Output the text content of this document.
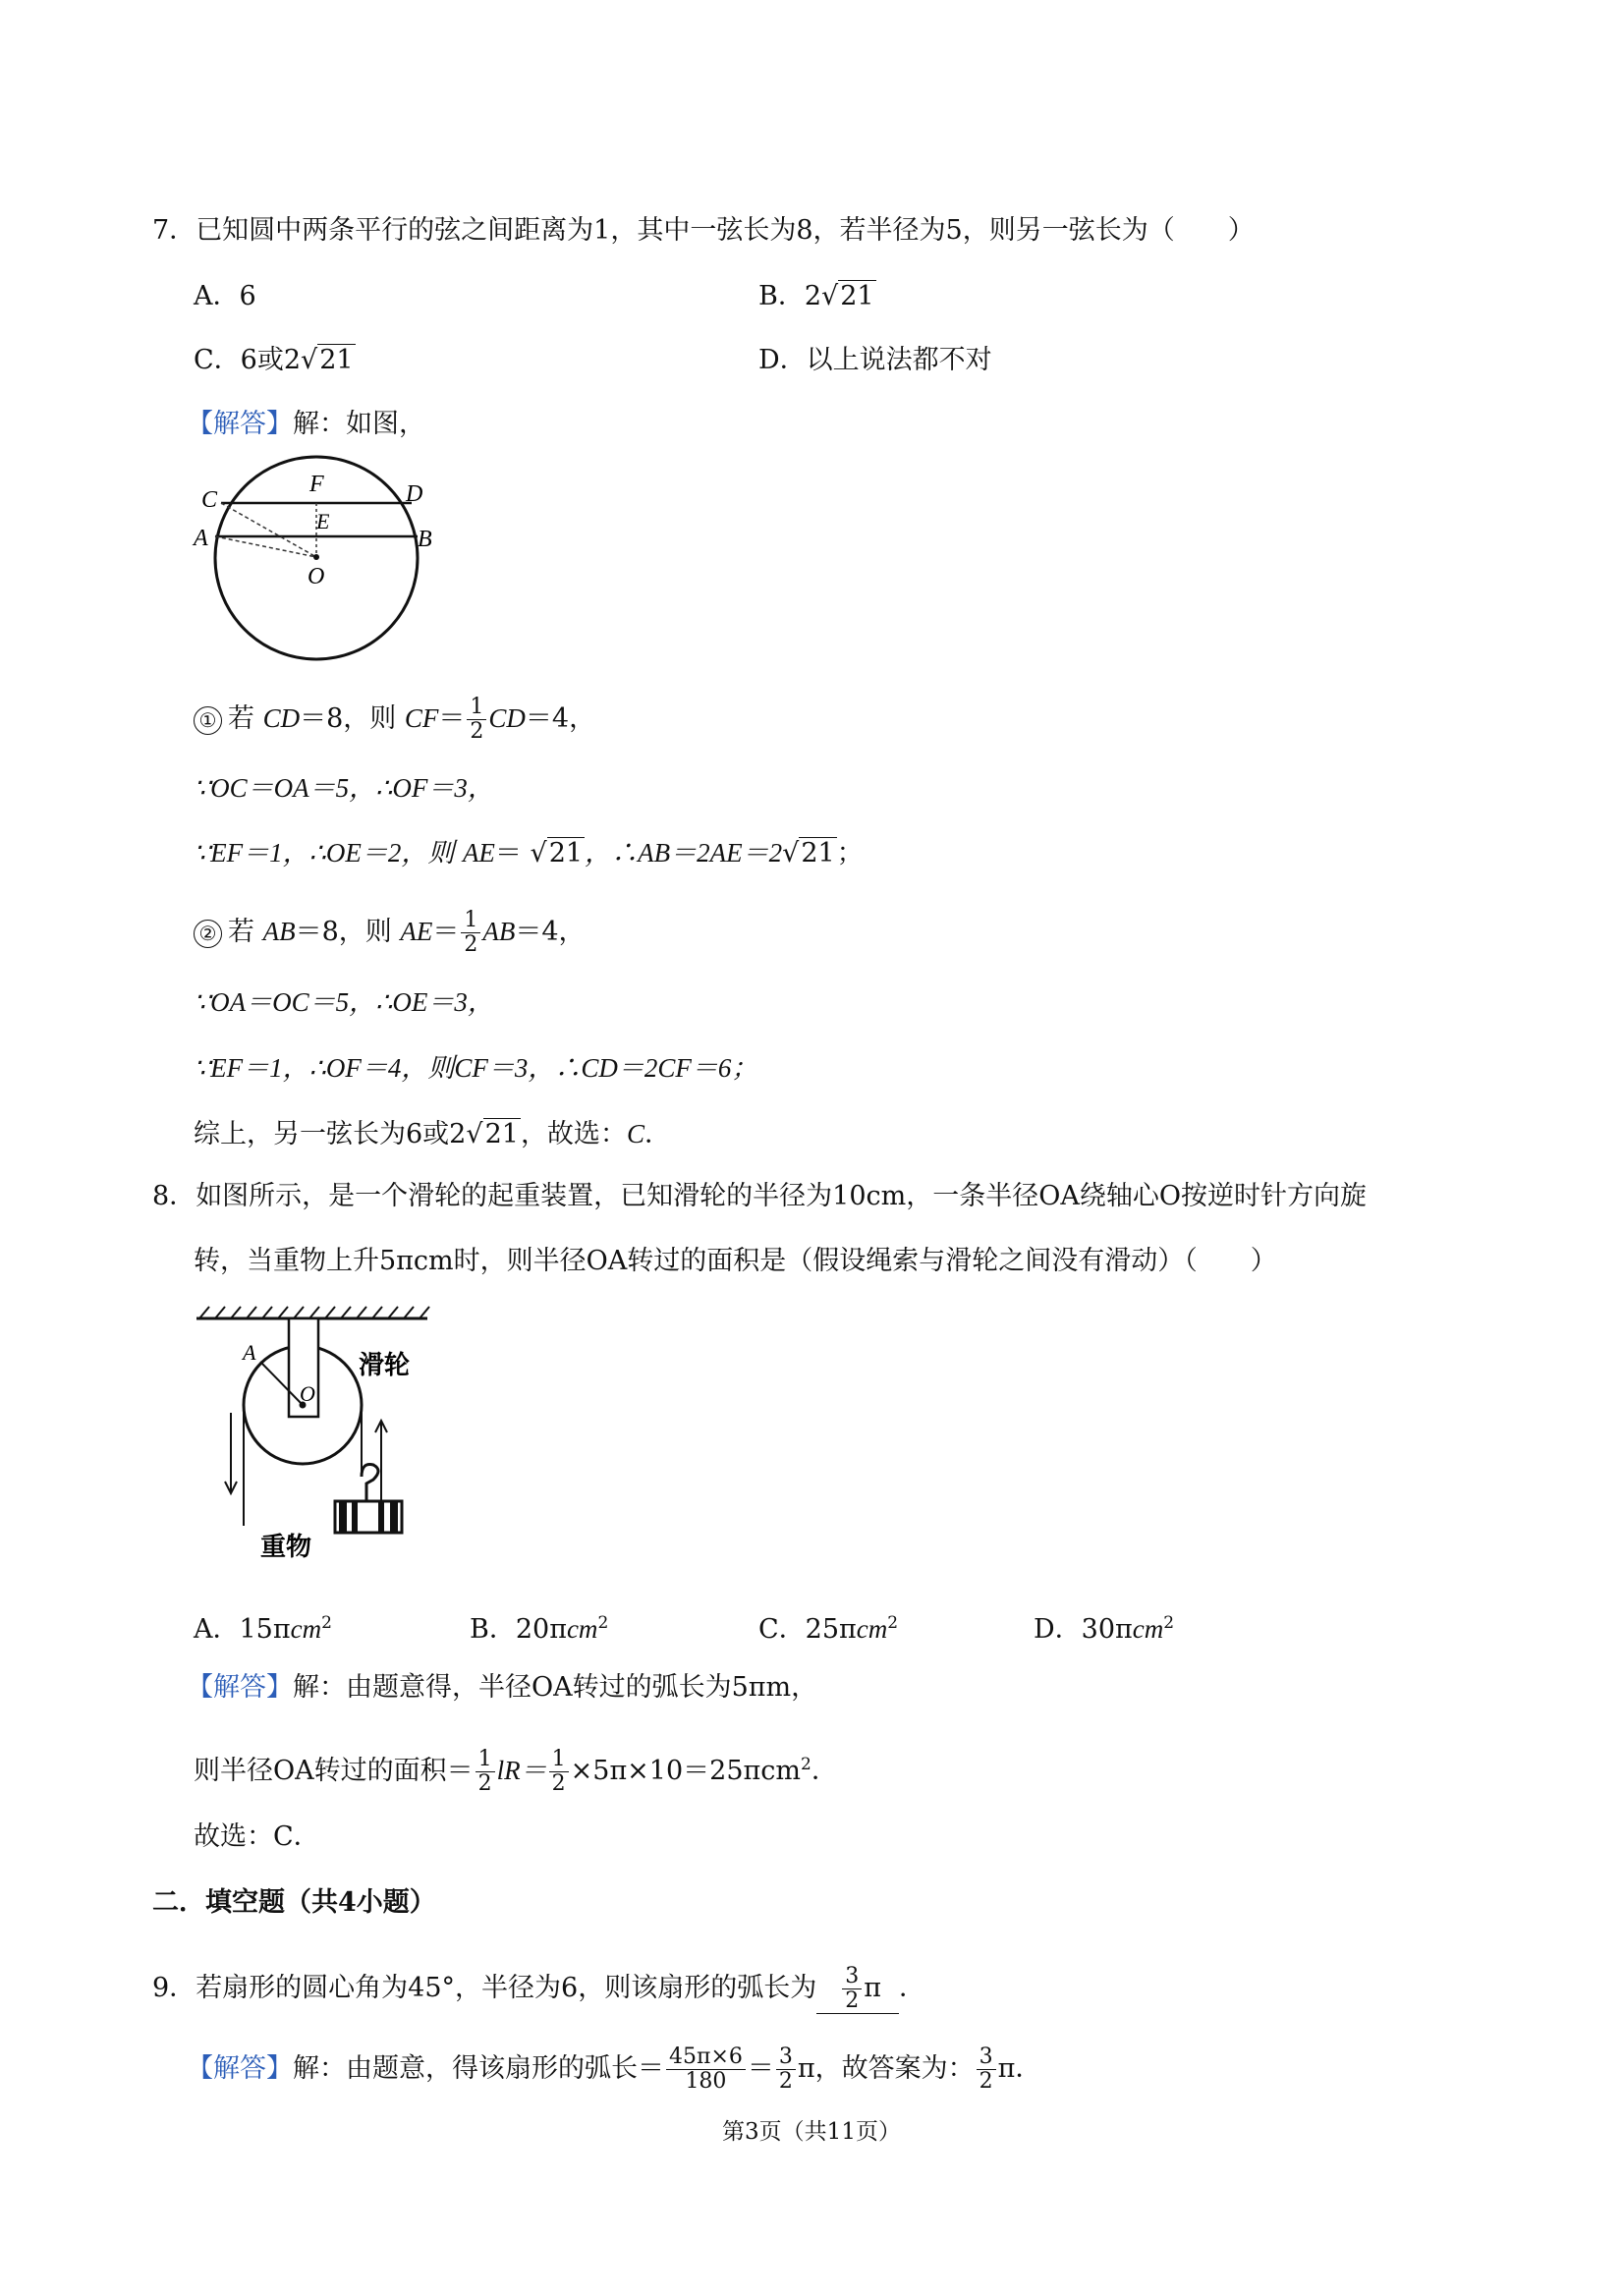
7．已知圆中两条平行的弦之间距离为1，其中一弦长为8，若半径为5，则另一弦长为（　　）
A．6	B．2√21
C．6或2√21	D．以上说法都不对
【解答】解：如图，
C
F	D
E
A	B
O
① 若 CD＝8，则 $CF= \frac{1}{2} CD=4$，
∵OC＝OA＝5，∴OF＝3，
∵EF＝1，∴OE＝2，则 AE＝ √21，∴AB＝2AE＝2√21；
② 若 AB＝8，则 $AE= \frac{1}{2} AB=4$，
∵OA＝OC＝5，∴OE＝3，
∵EF＝1，∴OF＝4，则CF＝3，∴CD＝2CF＝6；
综上，另一弦长为6或2√21，故选：C．
8．如图所示，是一个滑轮的起重装置，已知滑轮的半径为10cm，一条半径OA绕轴心O按逆时针方向旋
转，当重物上升5πcm时，则半径OA转过的面积是（假设绳索与滑轮之间没有滑动）（　　）
A
O
滑轮
重物
A．15πcm$^2$	B．20πcm$^2$	C．25πcm$^2$	D．30πcm$^2$
【解答】解：由题意得，半径OA转过的弧长为5πm，
则半径OA转过的面积＝ $\frac{1}{2} lR= \frac{1}{2} \times 5\pi\times 10=25\pi cm^2$．
故选：C．
二．填空题（共4小题）
9．若扇形的圆心角为45°，半径为6，则该扇形的弧长为 $\frac{3}{2}$ π ．
【解答】解：由题意，得该扇形的弧长＝ $\frac{45\pi\times 6}{180} = \frac{3}{2}$ π，故答案为： $\frac{3}{2}$ π．
第3页（共11页）
